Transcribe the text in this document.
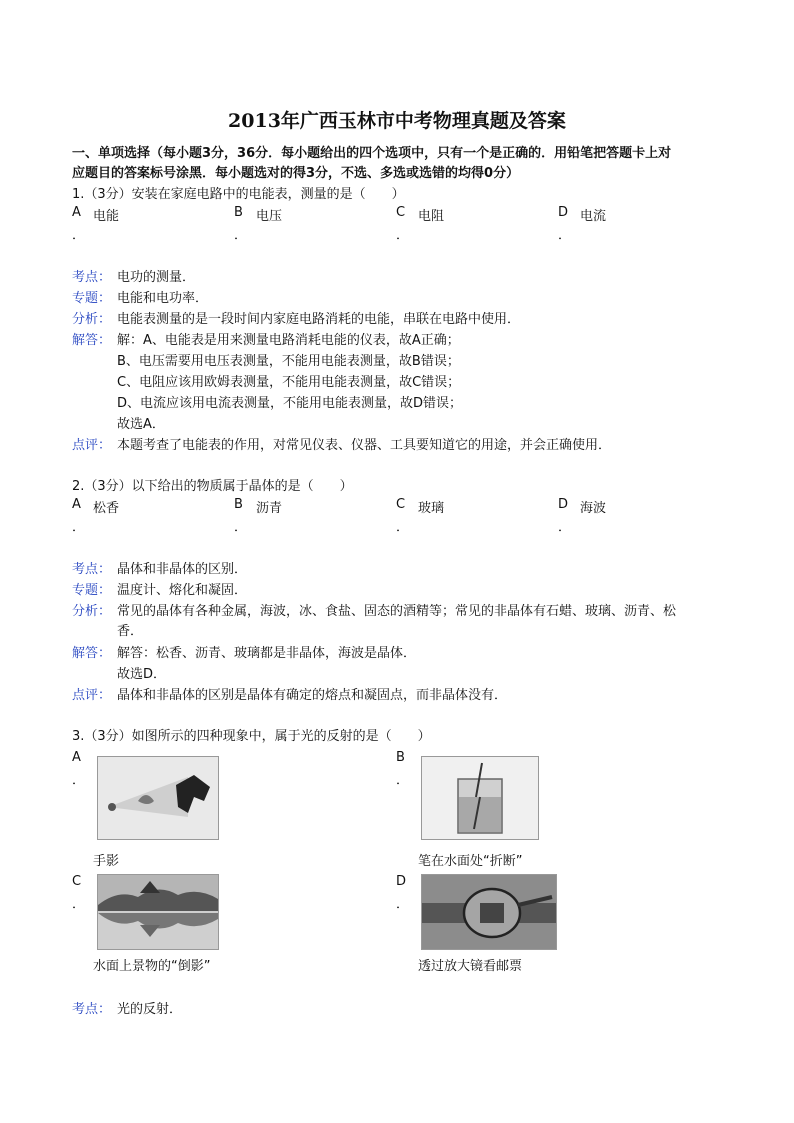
2013年广西玉林市中考物理真题及答案
一、单项选择（每小题3分，36分．每小题给出的四个选项中，只有一个是正确的．用铅笔把答题卡上对
应题目的答案标号涂黑．每小题选对的得3分，不选、多选或选错的均得0分）
1.（3分）安装在家庭电路中的电能表，测量的是（　　）
A 电能	B 电压	C 电阻	D 电流
．	．	．	．
考点： 电功的测量．
专题： 电能和电功率．
分析： 电能表测量的是一段时间内家庭电路消耗的电能，串联在电路中使用．
解答： 解：A、电能表是用来测量电路消耗电能的仪表，故A正确；
B、电压需要用电压表测量，不能用电能表测量，故B错误；
C、电阻应该用欧姆表测量，不能用电能表测量，故C错误；
D、电流应该用电流表测量，不能用电能表测量，故D错误；
故选A．
点评： 本题考查了电能表的作用，对常见仪表、仪器、工具要知道它的用途，并会正确使用．
2.（3分）以下给出的物质属于晶体的是（　　）
A 松香	B 沥青	C 玻璃	D 海波
．	．	．	．
考点： 晶体和非晶体的区别．
专题： 温度计、熔化和凝固．
分析： 常见的晶体有各种金属，海波，冰、食盐、固态的酒精等；常见的非晶体有石蜡、玻璃、沥青、松
香．
解答： 解答：松香、沥青、玻璃都是非晶体，海波是晶体．
故选D．
点评： 晶体和非晶体的区别是晶体有确定的熔点和凝固点，而非晶体没有．
3.（3分）如图所示的四种现象中，属于光的反射的是（　　）
A
．
手影
B
．
笔在水面处“折断”
C
．
水面上景物的“倒影”
D
．
透过放大镜看邮票
考点： 光的反射．
